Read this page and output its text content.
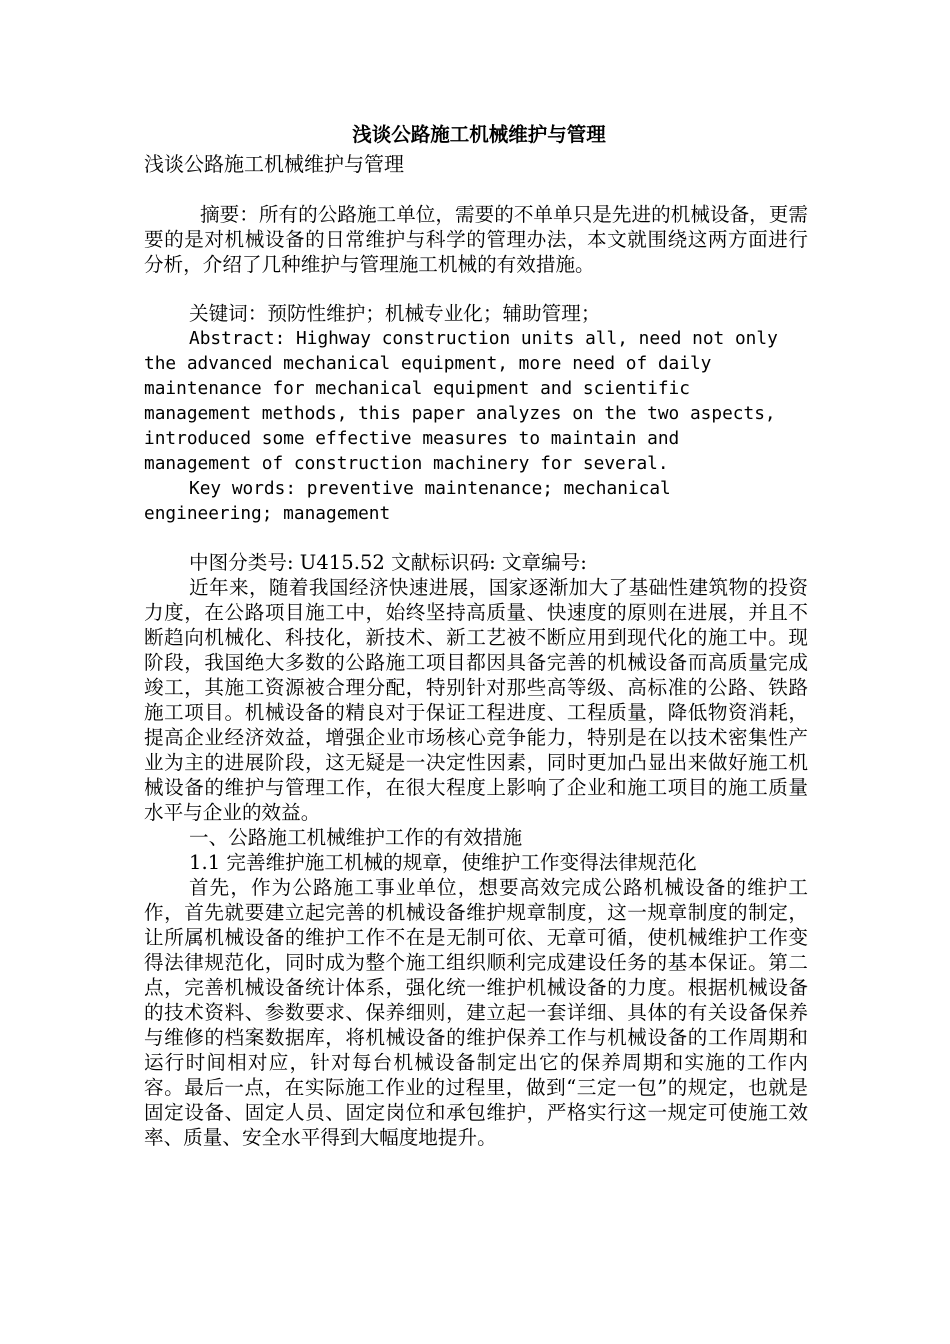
浅谈公路施工机械维护与管理

浅谈公路施工机械维护与管理

摘要：所有的公路施工单位，需要的不单单只是先进的机械设备，更需要的是对机械设备的日常维护与科学的管理办法，本文就围绕这两方面进行分析，介绍了几种维护与管理施工机械的有效措施。

关键词：预防性维护；机械专业化；辅助管理；

Abstract: Highway construction units all, need not only
the advanced mechanical equipment, more need of daily
maintenance for mechanical equipment and scientific
management methods, this paper analyzes on the two aspects,
introduced some effective measures to maintain and
management of construction machinery for several.
Key words: preventive maintenance; mechanical
engineering; management

中图分类号: U415.52 文献标识码: 文章编号:

近年来，随着我国经济快速进展，国家逐渐加大了基础性建筑物的投资力度，在公路项目施工中，始终坚持高质量、快速度的原则在进展，并且不断趋向机械化、科技化，新技术、新工艺被不断应用到现代化的施工中。现阶段，我国绝大多数的公路施工项目都因具备完善的机械设备而高质量完成竣工，其施工资源被合理分配，特别针对那些高等级、高标准的公路、铁路施工项目。机械设备的精良对于保证工程进度、工程质量，降低物资消耗，提高企业经济效益，增强企业市场核心竞争能力，特别是在以技术密集性产业为主的进展阶段，这无疑是一决定性因素，同时更加凸显出来做好施工机械设备的维护与管理工作，在很大程度上影响了企业和施工项目的施工质量水平与企业的效益。

一、公路施工机械维护工作的有效措施

1.1 完善维护施工机械的规章，使维护工作变得法律规范化

首先，作为公路施工事业单位，想要高效完成公路机械设备的维护工作，首先就要建立起完善的机械设备维护规章制度，这一规章制度的制定，让所属机械设备的维护工作不在是无制可依、无章可循，使机械维护工作变得法律规范化，同时成为整个施工组织顺利完成建设任务的基本保证。第二点，完善机械设备统计体系，强化统一维护机械设备的力度。根据机械设备的技术资料、参数要求、保养细则，建立起一套详细、具体的有关设备保养与维修的档案数据库，将机械设备的维护保养工作与机械设备的工作周期和运行时间相对应，针对每台机械设备制定出它的保养周期和实施的工作内容。最后一点，在实际施工作业的过程里，做到“三定一包”的规定，也就是固定设备、固定人员、固定岗位和承包维护，严格实行这一规定可使施工效率、质量、安全水平得到大幅度地提升。
